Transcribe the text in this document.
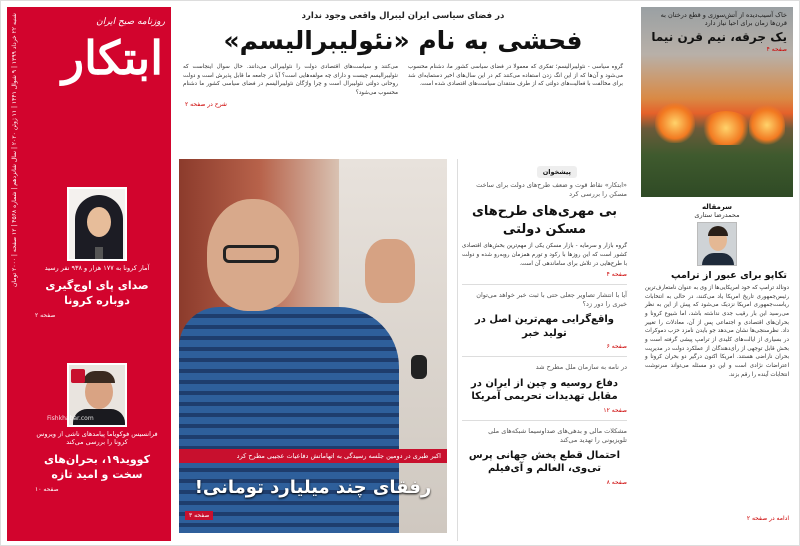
شنبه ۲۲ خرداد ۱۳۹۹ | ۹ شوال ۱۴۴۱ | ۱۱ ژوئن ۲۰۲۰ | سال شانزدهم | شماره ۴۵۶۸ | ۱۲ صفحه | ۲۰۰۰ تومان	روزنامه صبح ایران
ابتکار
آمار کرونا به ۱۷۷ هزار و ۹۳۸ نفر رسید
صدای پای اوج‌گیری دوباره کرونا
صفحه ۲
فرانسیس فوکویاما پیامدهای ناشی از ویروس کرونا را بررسی می‌کند
کووید۱۹، بحران‌های سخت و امید تازه
صفحه ۱۰
Fishkhabar.com
در فضای سیاسی ایران لیبرال واقعی وجود ندارد
فحشی به نام «نئولیبرالیسم»

گروه سیاسی - نئولیبرالیسم؛ تفکری که معمولا در فضای سیاسی کشور ما، دشنام محسوب می‌شود و آن‌ها که از این انگ زدن استفاده می‌کنند کم در این سال‌های اخیر دستمایه‌ای شد برای مخالفت با فعالیت‌های دولتی که از طرف منتقدان سیاست‌های اقتصادی شده است.

می‌کنند و سیاست‌های اقتصادی دولت را نئولیبرالی می‌دانند. حال سوال اینجاست که نئولیبرالیسم چیست و دارای چه مولفه‌هایی است؟ آیا در جامعه ما قابل پذیرش است و دولت روحانی دولتی نئولیبرال است و چرا واژگان نئولیبرالیسم در فضای سیاسی کشور ما دشنام محسوب می‌شود؟

شرح در صفحه ۲
پیشخوان
«ابتکار» نقاط قوت و ضعف طرح‌های دولت برای ساخت مسکن را بررسی کرد
بی مهری‌های طرح‌های مسکن دولتی
گروه بازار و سرمایه - بازار مسکن یکی از مهم‌ترین بخش‌های اقتصادی کشور است که این روزها با رکود و تورم همزمان روبه‌رو شده و دولت با طرح‌هایی در تلاش برای ساماندهی آن است.
صفحه ۴
آیا با انتشار تصاویر جعلی حتی با ثبت خبر خواهد می‌توان خبری را دور زد؟
واقع‌گرایی مهم‌ترین اصل در تولید خبر
صفحه ۶
در نامه به سازمان ملل مطرح شد
دفاع روسیه و چین از ایران در مقابل تهدیدات تحریمی آمریکا
صفحه ۱۲
مشکلات مالی و بدهی‌های صداوسیما شبکه‌های ملی تلویزیونی را تهدید می‌کند
احتمال قطع پخش جهانی پرس تی‌وی، العالم و آی‌فیلم
صفحه ۸
اکبر طبری در دومین جلسه رسیدگی به اتهاماتش دفاعیات عجیبی مطرح کرد
رفقای چند میلیارد تومانی!
صفحه ۳
خاک آسیب‌دیده از آتش‌سوزی و قطع درختان به قرن‌ها زمان برای احیا نیاز دارد
یک جرقه، نیم قرن نیما
صفحه ۴
سرمقاله
محمدرضا ستاری
تکاپو برای عبور از ترامپ
دونالد ترامپ که خود امریکایی‌ها از وی به عنوان نامتعارف‌ترین رئیس‌جمهوری تاریخ امریکا یاد می‌کنند، در حالی به انتخابات ریاست‌جمهوری امریکا نزدیک می‌شود که پیش از این به نظر می‌رسید این بار رقیب جدی نداشته باشد، اما شیوع کرونا و بحران‌های اقتصادی و اجتماعی پس از آن، معادلات را تغییر داد. نظرسنجی‌ها نشان می‌دهد جو بایدن نامزد حزب دموکرات در بسیاری از ایالت‌های کلیدی از ترامپ پیشی گرفته است و بخش قابل توجهی از رأی‌دهندگان از عملکرد دولت در مدیریت بحران ناراضی هستند. امریکا اکنون درگیر دو بحران کرونا و اعتراضات نژادی است و این دو مسئله می‌تواند سرنوشت انتخابات آینده را رقم بزند.
ادامه در صفحه ۲
